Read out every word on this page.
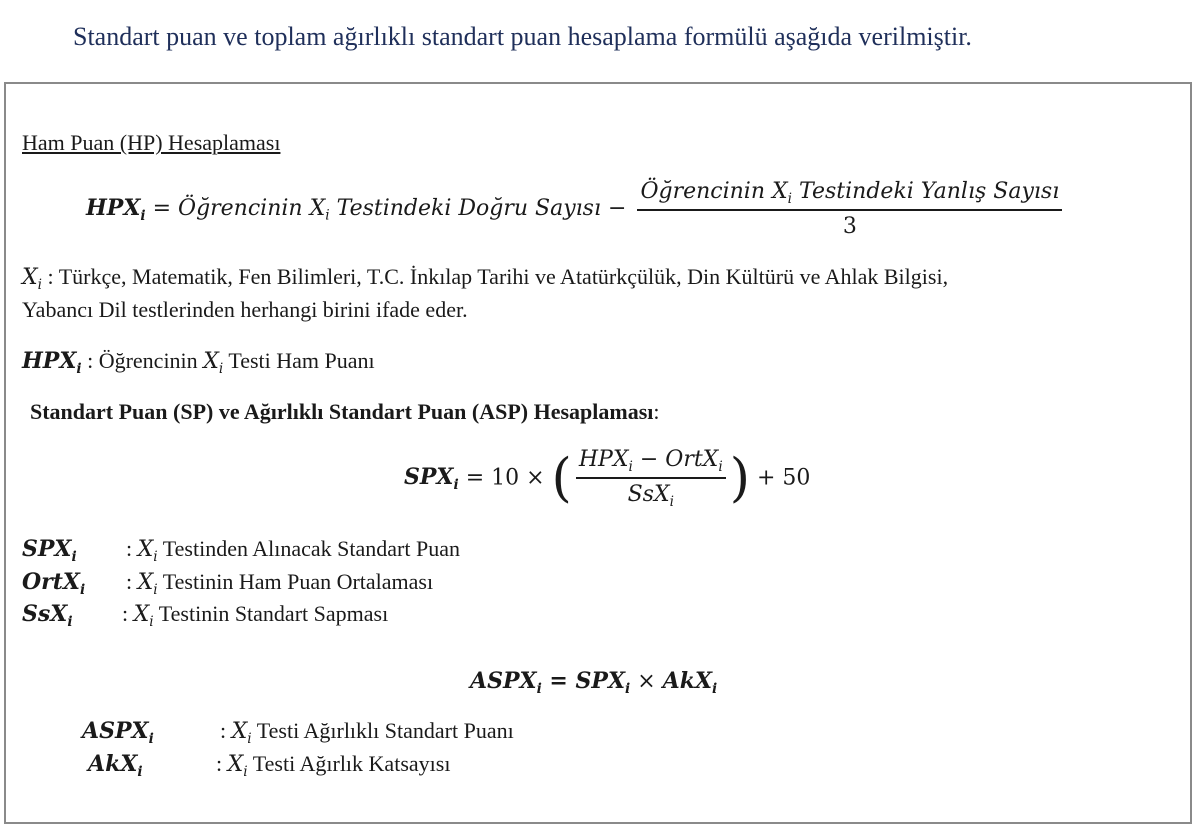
Standart puan ve toplam ağırlıklı standart puan hesaplama formülü aşağıda verilmiştir.
Ham Puan (HP) Hesaplaması
$HPX_i$ = Öğrencinin $X_i$ Testindeki Doğru Sayısı − $\frac{Öğrencinin X_i Testindeki Yanlış Sayısı}{3}$
$X_i$ : Türkçe, Matematik, Fen Bilimleri, T.C. İnkılap Tarihi ve Atatürkçülük, Din Kültürü ve Ahlak Bilgisi,
Yabancı Dil testlerinden herhangi birini ifade eder.
$HPX_i$ : Öğrencinin $X_i$ Testi Ham Puanı
Standart Puan (SP) ve Ağırlıklı Standart Puan (ASP) Hesaplaması:
$SPX_i = 10$ × ( $\frac{HPX_i - OrtX_i}{SsX_i}$ ) + 50
$SPX_i$ : $X_i$ Testinden Alınacak Standart Puan
OrtX$_i$ : $X_i$ Testinin Ham Puan Ortalaması
SsX$_i$ : $X_i$ Testinin Standart Sapması
$ASPX_i = SPX_i \times AkX_i$
$ASPX_i$	: $X_i$ Testi Ağırlıklı Standart Puanı
AkX$_i$	: $X_i$ Testi Ağırlık Katsayısı
